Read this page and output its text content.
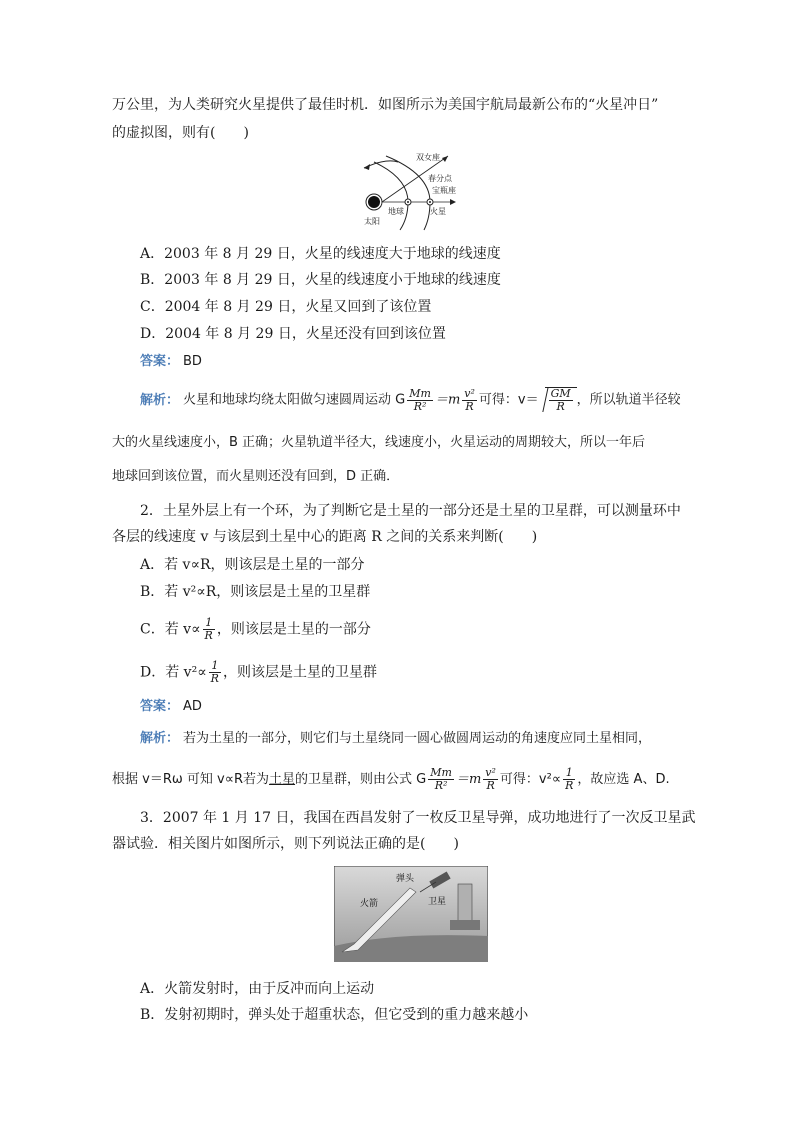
万公里，为人类研究火星提供了最佳时机．如图所示为美国宇航局最新公布的“火星冲日”
的虚拟图，则有(　　)
双女座
春分点
宝瓶座
太阳
地球	火星
A．2003 年 8 月 29 日，火星的线速度大于地球的线速度
B．2003 年 8 月 29 日，火星的线速度小于地球的线速度
C．2004 年 8 月 29 日，火星又回到了该位置
D．2004 年 8 月 29 日，火星还没有回到该位置
答案： BD
解析： 火星和地球均绕太阳做匀速圆周运动 G $\frac{Mm}{\text{R²}} =m \frac{\text{v²}}{R}$ 可得：$v= \frac{GM}{R}$ ，所以轨道半径较
大的火星线速度小，B 正确；火星轨道半径大，线速度小，火星运动的周期较大，所以一年后
地球回到该位置，而火星则还没有回到，D 正确．
2．土星外层上有一个环，为了判断它是土星的一部分还是土星的卫星群，可以测量环中
各层的线速度 v 与该层到土星中心的距离 R 之间的关系来判断(　　)
A．若 v∝R，则该层是土星的一部分
B．若 v²∝R，则该层是土星的卫星群
C．若 $v\propto \frac{1}{R}$ ，则该层是土星的一部分
D．若 $v^2\propto \frac{1}{R}$ ，则该层是土星的卫星群
答案： AD
解析： 若为土星的一部分，则它们与土星绕同一圆心做圆周运动的角速度应同土星相同，
根据 v＝Rω 可知 v∝R若为土星的卫星群，则由公式 G $\frac{Mm}{\text{R²}} =m \frac{\text{v²}}{R}$ 可得：$v^2\propto \frac{1}{R}$ ，故应选 A、D.
3．2007 年 1 月 17 日，我国在西昌发射了一枚反卫星导弹，成功地进行了一次反卫星武
器试验．相关图片如图所示，则下列说法正确的是(　　)
弹头
火箭	卫星
A．火箭发射时，由于反冲而向上运动
B．发射初期时，弹头处于超重状态，但它受到的重力越来越小
